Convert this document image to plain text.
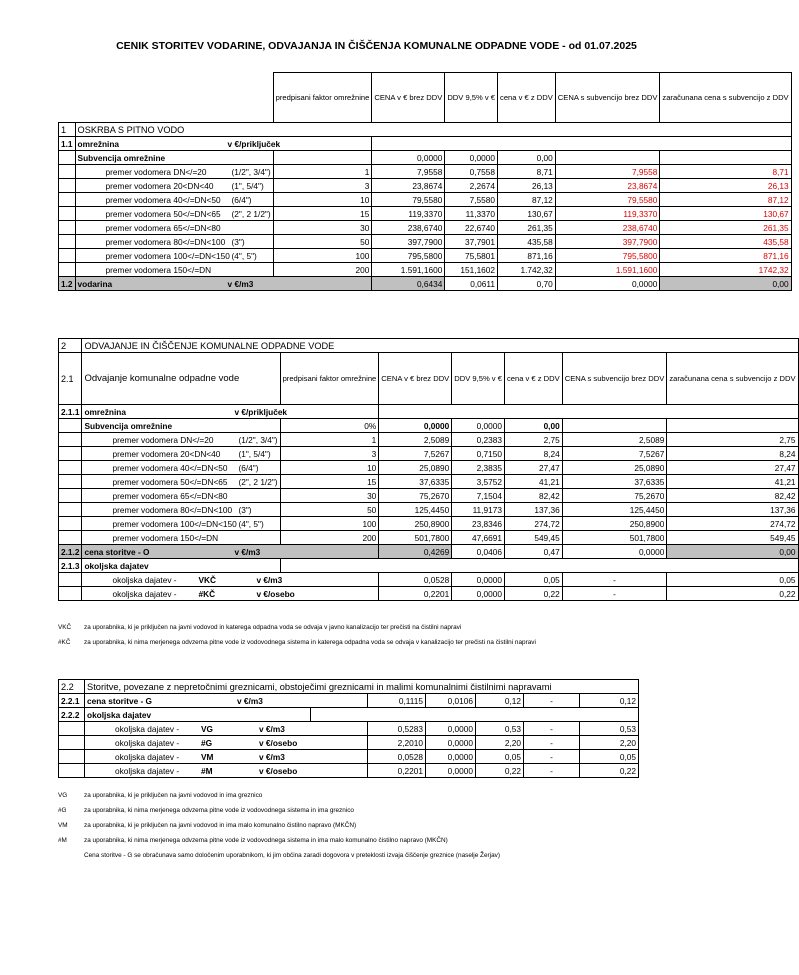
CENIK STORITEV VODARINE, ODVAJANJA IN ČIŠČENJA KOMUNALNE ODPADNE VODE - od 01.07.2025
		predpisani faktor omrežnine	CENA v € brez DDV	DDV 9,5% v €	cena v € z DDV	CENA s subvencijo brez DDV	zaračunana cena s subvencijo z DDV
1	OSKRBA S PITNO VODO						
1.1	omrežnina v €/priključek						
	Subvencija omrežnine		0,0000	0,0000	0,00		
	premer vodomera DN</=20 (1/2", 3/4")	1	7,9558	0,7558	8,71	7,9558	8,71
	premer vodomera 20<DN<40 (1", 5/4")	3	23,8674	2,2674	26,13	23,8674	26,13
	premer vodomera 40</=DN<50 (6/4")	10	79,5580	7,5580	87,12	79,5580	87,12
	premer vodomera 50</=DN<65 (2", 2 1/2")	15	119,3370	11,3370	130,67	119,3370	130,67
	premer vodomera 65</=DN<80	30	238,6740	22,6740	261,35	238,6740	261,35
	premer vodomera 80</=DN<100 (3")	50	397,7900	37,7901	435,58	397,7900	435,58
	premer vodomera 100</=DN<150 (4", 5")	100	795,5800	75,5801	871,16	795,5800	871,16
	premer vodomera 150</=DN	200	1.591,1600	151,1602	1.742,32	1.591,1600	1742,32
1.2	vodarina v €/m3		0,6434	0,0611	0,70	0,0000	0,00
2	ODVAJANJE IN ČIŠČENJE KOMUNALNE ODPADNE VODE						
2.1	Odvajanje komunalne odpadne vode	predpisani faktor omrežnine	CENA v € brez DDV	DDV 9,5% v €	cena v € z DDV	CENA s subvencijo brez DDV	zaračunana cena s subvencijo z DDV
2.1.1	omrežnina v €/priključek						
	Subvencija omrežnine	0%	0,0000	0,0000	0,00		
	premer vodomera DN</=20 (1/2", 3/4")	1	2,5089	0,2383	2,75	2,5089	2,75
	premer vodomera 20<DN<40 (1", 5/4")	3	7,5267	0,7150	8,24	7,5267	8,24
	premer vodomera 40</=DN<50 (6/4")	10	25,0890	2,3835	27,47	25,0890	27,47
	premer vodomera 50</=DN<65 (2", 2 1/2")	15	37,6335	3,5752	41,21	37,6335	41,21
	premer vodomera 65</=DN<80	30	75,2670	7,1504	82,42	75,2670	82,42
	premer vodomera 80</=DN<100 (3")	50	125,4450	11,9173	137,36	125,4450	137,36
	premer vodomera 100</=DN<150 (4", 5")	100	250,8900	23,8346	274,72	250,8900	274,72
	premer vodomera 150</=DN	200	501,7800	47,6691	549,45	501,7800	549,45
2.1.2	cena storitve - O v €/m3		0,4269	0,0406	0,47	0,0000	0,00
2.1.3	okoljska dajatev						
	okoljska dajatev - VKČ v €/m3		0,0528	0,0000	0,05	-	0,05
	okoljska dajatev - #KČ v €/osebo		0,2201	0,0000	0,22	-	0,22
VKČ za uporabnika, ki je priključen na javni vodovod in katerega odpadna voda se odvaja v javno kanalizacijo ter prečisti na čistilni napravi
#KČ za uporabnika, ki nima merjenega odvzema pitne vode iz vodovodnega sistema in katerega odpadna voda se odvaja v kanalizacijo ter prečisti na čistilni napravi
2.2	Storitve, povezane z nepretočnimi greznicami, obstoječimi greznicami in malimi komunalnimi čistilnimi napravami						
2.2.1	cena storitve - G v €/m3		0,1115	0,0106	0,12	-	0,12
2.2.2	okoljska dajatev						
	okoljska dajatev - VG v €/m3		0,5283	0,0000	0,53	-	0,53
	okoljska dajatev - #G v €/osebo		2,2010	0,0000	2,20	-	2,20
	okoljska dajatev - VM v €/m3		0,0528	0,0000	0,05	-	0,05
	okoljska dajatev - #M v €/osebo		0,2201	0,0000	0,22	-	0,22
VG	za uporabnika, ki je priključen na javni vodovod in ima greznico
#G	za uporabnika, ki nima merjenega odvzema pitne vode iz vodovodnega sistema in ima greznico
VM	za uporabnika, ki je priključen na javni vodovod in ima malo komunalno čistilno napravo (MKČN)
#M	za uporabnika, ki nima merjenega odvzema pitne vode iz vodovodnega sistema in ima malo komunalno čistilno napravo (MKČN)
Cena storitve - G se obračunava samo določenim uporabnikom, ki jim občina zaradi dogovora v preteklosti izvaja čiščenje greznice (naselje Žerjav)
